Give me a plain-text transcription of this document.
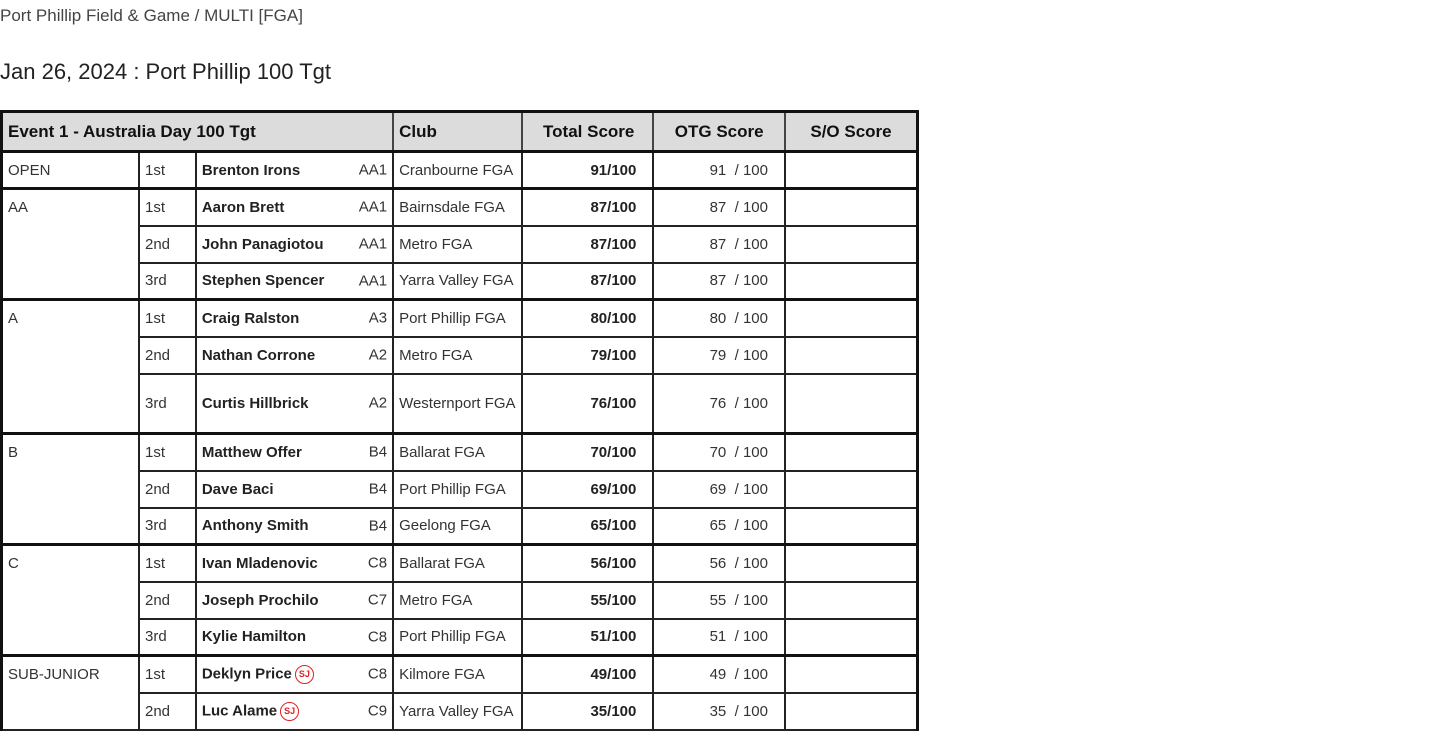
Port Phillip Field & Game / MULTI [FGA]
Jan 26, 2024 : Port Phillip 100 Tgt
Event 1 - Australia Day 100 Tgt			Club	Total Score	OTG Score	S/O Score
OPEN	1st	Brenton Irons AA1	Cranbourne FGA	91/100	91  / 100	
AA	1st	Aaron Brett AA1	Bairnsdale FGA	87/100	87  / 100	
	2nd	John Panagiotou AA1	Metro FGA	87/100	87  / 100	
	3rd	Stephen Spencer AA1	Yarra Valley FGA	87/100	87  / 100	
A	1st	Craig Ralston A3	Port Phillip FGA	80/100	80  / 100	
	2nd	Nathan Corrone A2	Metro FGA	79/100	79  / 100	
	3rd	Curtis Hillbrick A2	Westernport FGA	76/100	76  / 100	
B	1st	Matthew Offer B4	Ballarat FGA	70/100	70  / 100	
	2nd	Dave Baci B4	Port Phillip FGA	69/100	69  / 100	
	3rd	Anthony Smith B4	Geelong FGA	65/100	65  / 100	
C	1st	Ivan Mladenovic C8	Ballarat FGA	56/100	56  / 100	
	2nd	Joseph Prochilo C7	Metro FGA	55/100	55  / 100	
	3rd	Kylie Hamilton C8	Port Phillip FGA	51/100	51  / 100	
SUB-JUNIOR	1st	Deklyn Price SJ C8	Kilmore FGA	49/100	49  / 100	
	2nd	Luc Alame SJ C9	Yarra Valley FGA	35/100	35  / 100	
